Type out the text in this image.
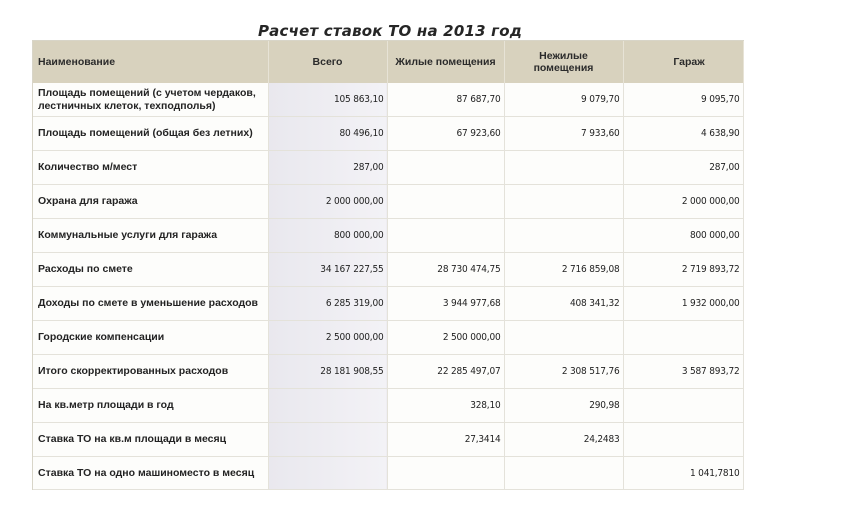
Расчет ставок ТО на 2013 год
Наименование	Всего	Жилые помещения	Нежилые помещения	Гараж
Площадь помещений (с учетом чердаков, лестничных клеток, техподполья)	105 863,10	87 687,70	9 079,70	9 095,70
Площадь помещений (общая без летних)	80 496,10	67 923,60	7 933,60	4 638,90
Количество м/мест	287,00			287,00
Охрана для гаража	2 000 000,00			2 000 000,00
Коммунальные услуги для гаража	800 000,00			800 000,00
Расходы по смете	34 167 227,55	28 730 474,75	2 716 859,08	2 719 893,72
Доходы по смете в уменьшение расходов	6 285 319,00	3 944 977,68	408 341,32	1 932 000,00
Городские компенсации	2 500 000,00	2 500 000,00		
Итого скорректированных расходов	28 181 908,55	22 285 497,07	2 308 517,76	3 587 893,72
На кв.метр площади в год		328,10	290,98	
Ставка ТО на кв.м площади в месяц		27,3414	24,2483	
Ставка ТО на одно машиноместо в месяц				1 041,7810
